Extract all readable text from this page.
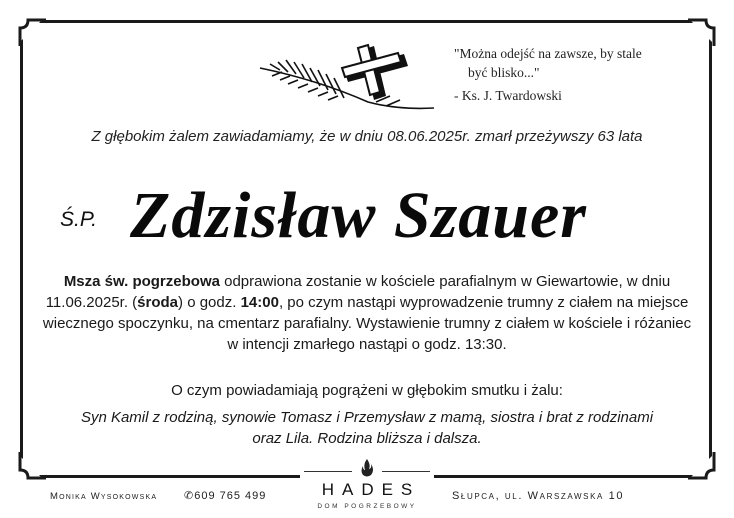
"Można odejść na zawsze, by stale
być blisko..."
- Ks. J. Twardowski
Z głębokim żalem zawiadamiamy, że w dniu 08.06.2025r. zmarł przeżywszy 63 lata
Ś.P. Zdzisław Szauer
Msza św. pogrzebowa odprawiona zostanie w kościele parafialnym w Giewartowie, w dniu 11.06.2025r. (środa) o godz. 14:00, po czym nastąpi wyprowadzenie trumny z ciałem na miejsce wiecznego spoczynku, na cmentarz parafialny. Wystawienie trumny z ciałem w kościele i różaniec w intencji zmarłego nastąpi o godz. 13:30.
O czym powiadamiają pogrążeni w głębokim smutku i żalu:
Syn Kamil z rodziną, synowie Tomasz i Przemysław z mamą, siostra i brat z rodzinami oraz Lila. Rodzina bliższa i dalsza.
Monika Wysokowska ✆609 765 499	HADES
DOM POGRZEBOWY
Słupca, ul. Warszawska 10
